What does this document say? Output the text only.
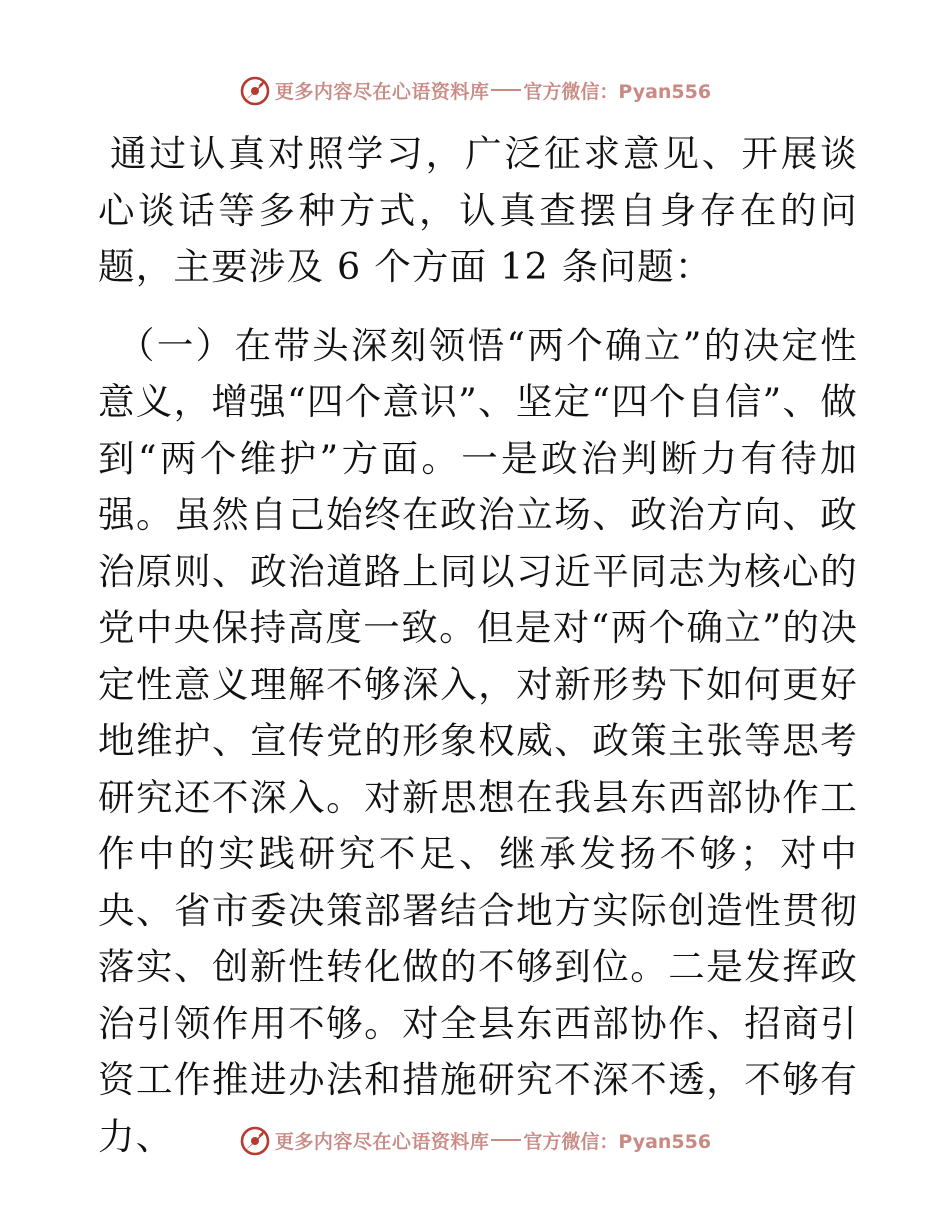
更多内容尽在心语资料库 官方微信：Pyan556

通过认真对照学习，广泛征求意见、开展谈心谈话等多种方式，认真查摆自身存在的问题，主要涉及 6 个方面 12 条问题：

（一）在带头深刻领悟“两个确立”的决定性意义，增强“四个意识”、坚定“四个自信”、做到“两个维护”方面。一是政治判断力有待加强。虽然自己始终在政治立场、政治方向、政治原则、政治道路上同以习近平同志为核心的党中央保持高度一致。但是对“两个确立”的决定性意义理解不够深入，对新形势下如何更好地维护、宣传党的形象权威、政策主张等思考研究还不深入。对新思想在我县东西部协作工作中的实践研究不足、继承发扬不够；对中央、省市委决策部署结合地方实际创造性贯彻落实、创新性转化做的不够到位。二是发挥政治引领作用不够。对全县东西部协作、招商引资工作推进办法和措施研究不深不透，不够有力、	更多内容尽在心语资料库 官方微信：Pyan556
